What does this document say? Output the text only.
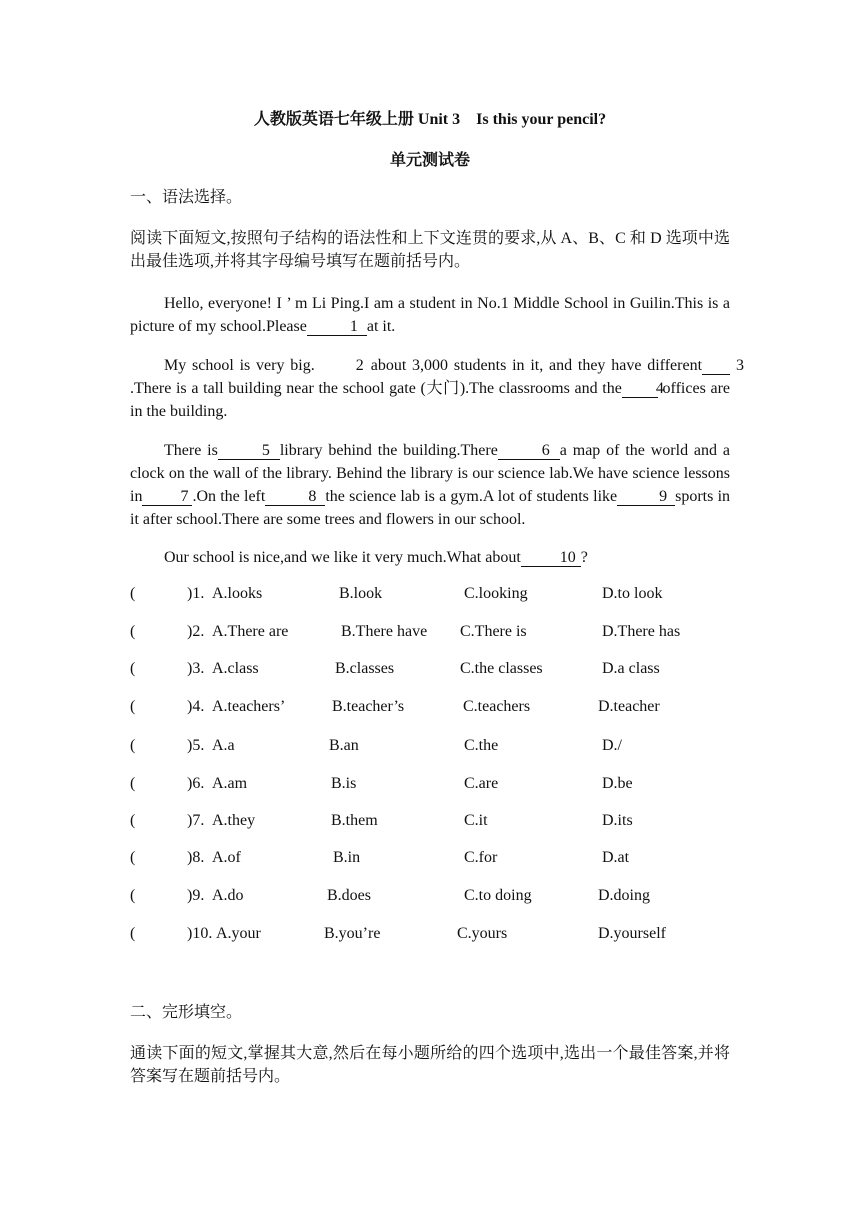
人教版英语七年级上册 Unit 3　Is this your pencil?
单元测试卷
一、语法选择。
阅读下面短文,按照句子结构的语法性和上下文连贯的要求,从 A、B、C 和 D 选项中选出最佳选项,并将其字母编号填写在题前括号内。
Hello, everyone! I ’ m Li Ping.I am a student in No.1 Middle School in Guilin.This is a picture of my school.Please	1 at it.
My school is very big.	2 about 3,000 students in it, and they have different 3.There is a tall building near the school gate (大门).The classrooms and the 4 offices are in the building.
There is	5 library behind the building.There	6 a map of the world and a clock on the wall of the library. Behind the library is our science lab.We have science lessons in 7 .On the left	8 the science lab is a gym.A lot of students like	9 sports in it after school.There are some trees and flowers in our school.
Our school is nice,and we like it very much.What about 10 ?
(	)1. A.looks	B.look	C.looking	D.to look
(	)2. A.There are	B.There have C.There is	D.There has
(	)3. A.class	B.classes	C.the classes	D.a class
(	)4. A.teachers’	B.teacher’s	C.teachers	D.teacher
(	)5. A.a	B.an	C.the	D./
(	)6. A.am	B.is	C.are	D.be
(	)7. A.they	B.them	C.it	D.its
(	)8. A.of	B.in	C.for	D.at
(	)9. A.do	B.does	C.to doing	D.doing
(	)10. A.your	B.you’re	C.yours	D.yourself
二、完形填空。
通读下面的短文,掌握其大意,然后在每小题所给的四个选项中,选出一个最佳答案,并将答案写在题前括号内。
